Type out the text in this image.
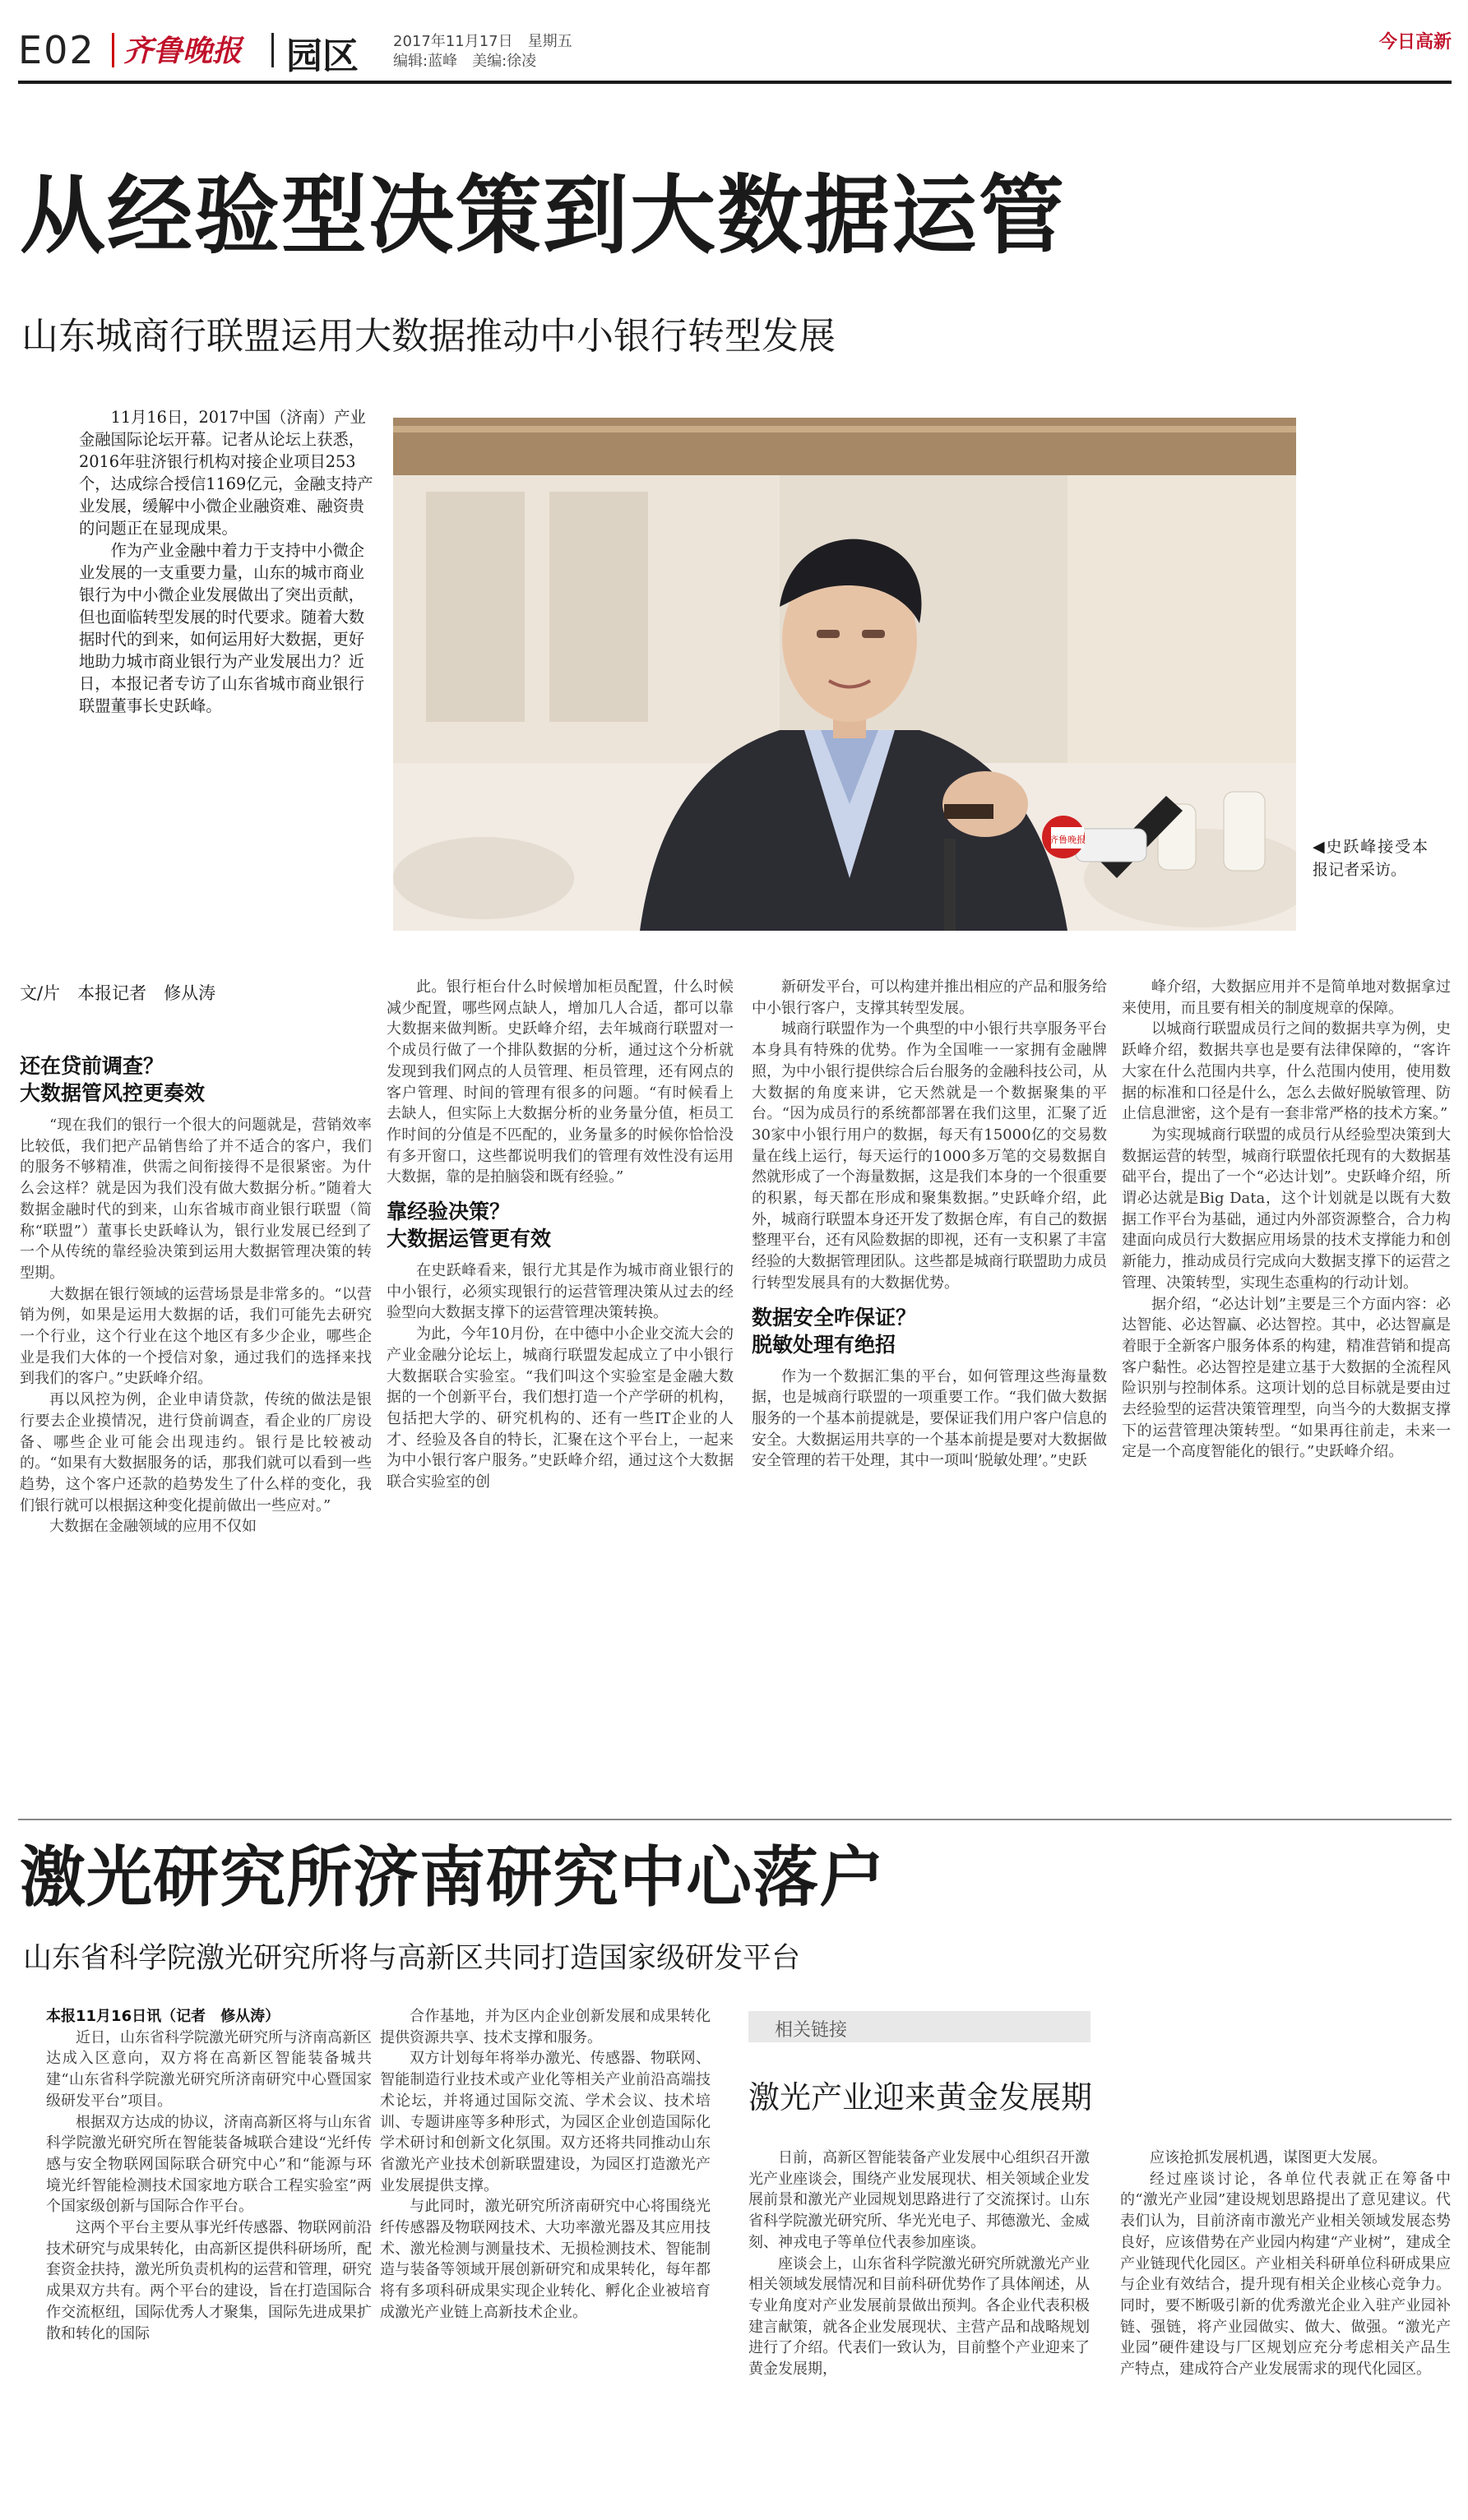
E02 齐鲁晚报 园区 2017年11月17日　星期五
编辑:蓝峰　美编:徐凌
今日高新
从经验型决策到大数据运管
山东城商行联盟运用大数据推动中小银行转型发展

11月16日，2017中国（济南）产业金融国际论坛开幕。记者从论坛上获悉，2016年驻济银行机构对接企业项目253个，达成综合授信1169亿元，金融支持产业发展，缓解中小微企业融资难、融资贵的问题正在显现成果。

作为产业金融中着力于支持中小微企业发展的一支重要力量，山东的城市商业银行为中小微企业发展做出了突出贡献，但也面临转型发展的时代要求。随着大数据时代的到来，如何运用好大数据，更好地助力城市商业银行为产业发展出力？近日，本报记者专访了山东省城市商业银行联盟董事长史跃峰。

齐鲁晚报	◀史跃峰接受本报记者采访。
文/片　本报记者　修从涛
还在贷前调查？
大数据管风控更奏效

“现在我们的银行一个很大的问题就是，营销效率比较低，我们把产品销售给了并不适合的客户，我们的服务不够精准，供需之间衔接得不是很紧密。为什么会这样？就是因为我们没有做大数据分析。”随着大数据金融时代的到来，山东省城市商业银行联盟（简称“联盟”）董事长史跃峰认为，银行业发展已经到了一个从传统的靠经验决策到运用大数据管理决策的转型期。

大数据在银行领域的运营场景是非常多的。“以营销为例，如果是运用大数据的话，我们可能先去研究一个行业，这个行业在这个地区有多少企业，哪些企业是我们大体的一个授信对象，通过我们的选择来找到我们的客户。”史跃峰介绍。

再以风控为例，企业申请贷款，传统的做法是银行要去企业摸情况，进行贷前调查，看企业的厂房设备、哪些企业可能会出现违约。银行是比较被动的。“如果有大数据服务的话，那我们就可以看到一些趋势，这个客户还款的趋势发生了什么样的变化，我们银行就可以根据这种变化提前做出一些应对。”

大数据在金融领域的应用不仅如

此。银行柜台什么时候增加柜员配置，什么时候减少配置，哪些网点缺人，增加几人合适，都可以靠大数据来做判断。史跃峰介绍，去年城商行联盟对一个成员行做了一个排队数据的分析，通过这个分析就发现到我们网点的人员管理、柜员管理，还有网点的客户管理、时间的管理有很多的问题。“有时候看上去缺人，但实际上大数据分析的业务量分值，柜员工作时间的分值是不匹配的，业务量多的时候你恰恰没有多开窗口，这些都说明我们的管理有效性没有运用大数据，靠的是拍脑袋和既有经验。”

靠经验决策？
大数据运管更有效

在史跃峰看来，银行尤其是作为城市商业银行的中小银行，必须实现银行的运营管理决策从过去的经验型向大数据支撑下的运营管理决策转换。

为此，今年10月份，在中德中小企业交流大会的产业金融分论坛上，城商行联盟发起成立了中小银行大数据联合实验室。“我们叫这个实验室是金融大数据的一个创新平台，我们想打造一个产学研的机构，包括把大学的、研究机构的、还有一些IT企业的人才、经验及各自的特长，汇聚在这个平台上，一起来为中小银行客户服务。”史跃峰介绍，通过这个大数据联合实验室的创

新研发平台，可以构建并推出相应的产品和服务给中小银行客户，支撑其转型发展。

城商行联盟作为一个典型的中小银行共享服务平台本身具有特殊的优势。作为全国唯一一家拥有金融牌照，为中小银行提供综合后台服务的金融科技公司，从大数据的角度来讲，它天然就是一个数据聚集的平台。“因为成员行的系统都部署在我们这里，汇聚了近30家中小银行用户的数据，每天有15000亿的交易数量在线上运行，每天运行的1000多万笔的交易数据自然就形成了一个海量数据，这是我们本身的一个很重要的积累，每天都在形成和聚集数据。”史跃峰介绍，此外，城商行联盟本身还开发了数据仓库，有自己的数据整理平台，还有风险数据的即视，还有一支积累了丰富经验的大数据管理团队。这些都是城商行联盟助力成员行转型发展具有的大数据优势。

数据安全咋保证？
脱敏处理有绝招

作为一个数据汇集的平台，如何管理这些海量数据，也是城商行联盟的一项重要工作。“我们做大数据服务的一个基本前提就是，要保证我们用户客户信息的安全。大数据运用共享的一个基本前提是要对大数据做安全管理的若干处理，其中一项叫‘脱敏处理’。”史跃

峰介绍，大数据应用并不是简单地对数据拿过来使用，而且要有相关的制度规章的保障。

以城商行联盟成员行之间的数据共享为例，史跃峰介绍，数据共享也是要有法律保障的，“客许大家在什么范围内共享，什么范围内使用，使用数据的标准和口径是什么，怎么去做好脱敏管理、防止信息泄密，这个是有一套非常严格的技术方案。”

为实现城商行联盟的成员行从经验型决策到大数据运营的转型，城商行联盟依托现有的大数据基础平台，提出了一个“必达计划”。史跃峰介绍，所谓必达就是Big Data，这个计划就是以既有大数据工作平台为基础，通过内外部资源整合，合力构建面向成员行大数据应用场景的技术支撑能力和创新能力，推动成员行完成向大数据支撑下的运营之管理、决策转型，实现生态重构的行动计划。

据介绍，“必达计划”主要是三个方面内容：必达智能、必达智赢、必达智控。其中，必达智赢是着眼于全新客户服务体系的构建，精准营销和提高客户黏性。必达智控是建立基于大数据的全流程风险识别与控制体系。这项计划的总目标就是要由过去经验型的运营决策管理型，向当今的大数据支撑下的运营管理决策转型。“如果再往前走，未来一定是一个高度智能化的银行。”史跃峰介绍。

激光研究所济南研究中心落户
山东省科学院激光研究所将与高新区共同打造国家级研发平台
本报11月16日讯（记者　修从涛）

近日，山东省科学院激光研究所与济南高新区达成入区意向，双方将在高新区智能装备城共建“山东省科学院激光研究所济南研究中心暨国家级研发平台”项目。

根据双方达成的协议，济南高新区将与山东省科学院激光研究所在智能装备城联合建设“光纤传感与安全物联网国际联合研究中心”和“能源与环境光纤智能检测技术国家地方联合工程实验室”两个国家级创新与国际合作平台。

这两个平台主要从事光纤传感器、物联网前沿技术研究与成果转化，由高新区提供科研场所，配套资金扶持，激光所负责机构的运营和管理，研究成果双方共有。两个平台的建设，旨在打造国际合作交流枢纽，国际优秀人才聚集，国际先进成果扩散和转化的国际

合作基地，并为区内企业创新发展和成果转化提供资源共享、技术支撑和服务。

双方计划每年将举办激光、传感器、物联网、智能制造行业技术或产业化等相关产业前沿高端技术论坛，并将通过国际交流、学术会议、技术培训、专题讲座等多种形式，为园区企业创造国际化学术研讨和创新文化氛围。双方还将共同推动山东省激光产业技术创新联盟建设，为园区打造激光产业发展提供支撑。

与此同时，激光研究所济南研究中心将围绕光纤传感器及物联网技术、大功率激光器及其应用技术、激光检测与测量技术、无损检测技术、智能制造与装备等领域开展创新研究和成果转化，每年都将有多项科研成果实现企业转化、孵化企业被培育成激光产业链上高新技术企业。

相关链接
激光产业迎来黄金发展期

日前，高新区智能装备产业发展中心组织召开激光产业座谈会，围绕产业发展现状、相关领域企业发展前景和激光产业园规划思路进行了交流探讨。山东省科学院激光研究所、华光光电子、邦德激光、金威刻、神戎电子等单位代表参加座谈。

座谈会上，山东省科学院激光研究所就激光产业相关领域发展情况和目前科研优势作了具体阐述，从专业角度对产业发展前景做出预判。各企业代表积极建言献策，就各企业发展现状、主营产品和战略规划进行了介绍。代表们一致认为，目前整个产业迎来了黄金发展期，

应该抢抓发展机遇，谋图更大发展。

经过座谈讨论，各单位代表就正在筹备中的“激光产业园”建设规划思路提出了意见建议。代表们认为，目前济南市激光产业相关领域发展态势良好，应该借势在产业园内构建“产业树”，建成全产业链现代化园区。产业相关科研单位科研成果应与企业有效结合，提升现有相关企业核心竞争力。同时，要不断吸引新的优秀激光企业入驻产业园补链、强链，将产业园做实、做大、做强。“激光产业园”硬件建设与厂区规划应充分考虑相关产品生产特点，建成符合产业发展需求的现代化园区。
